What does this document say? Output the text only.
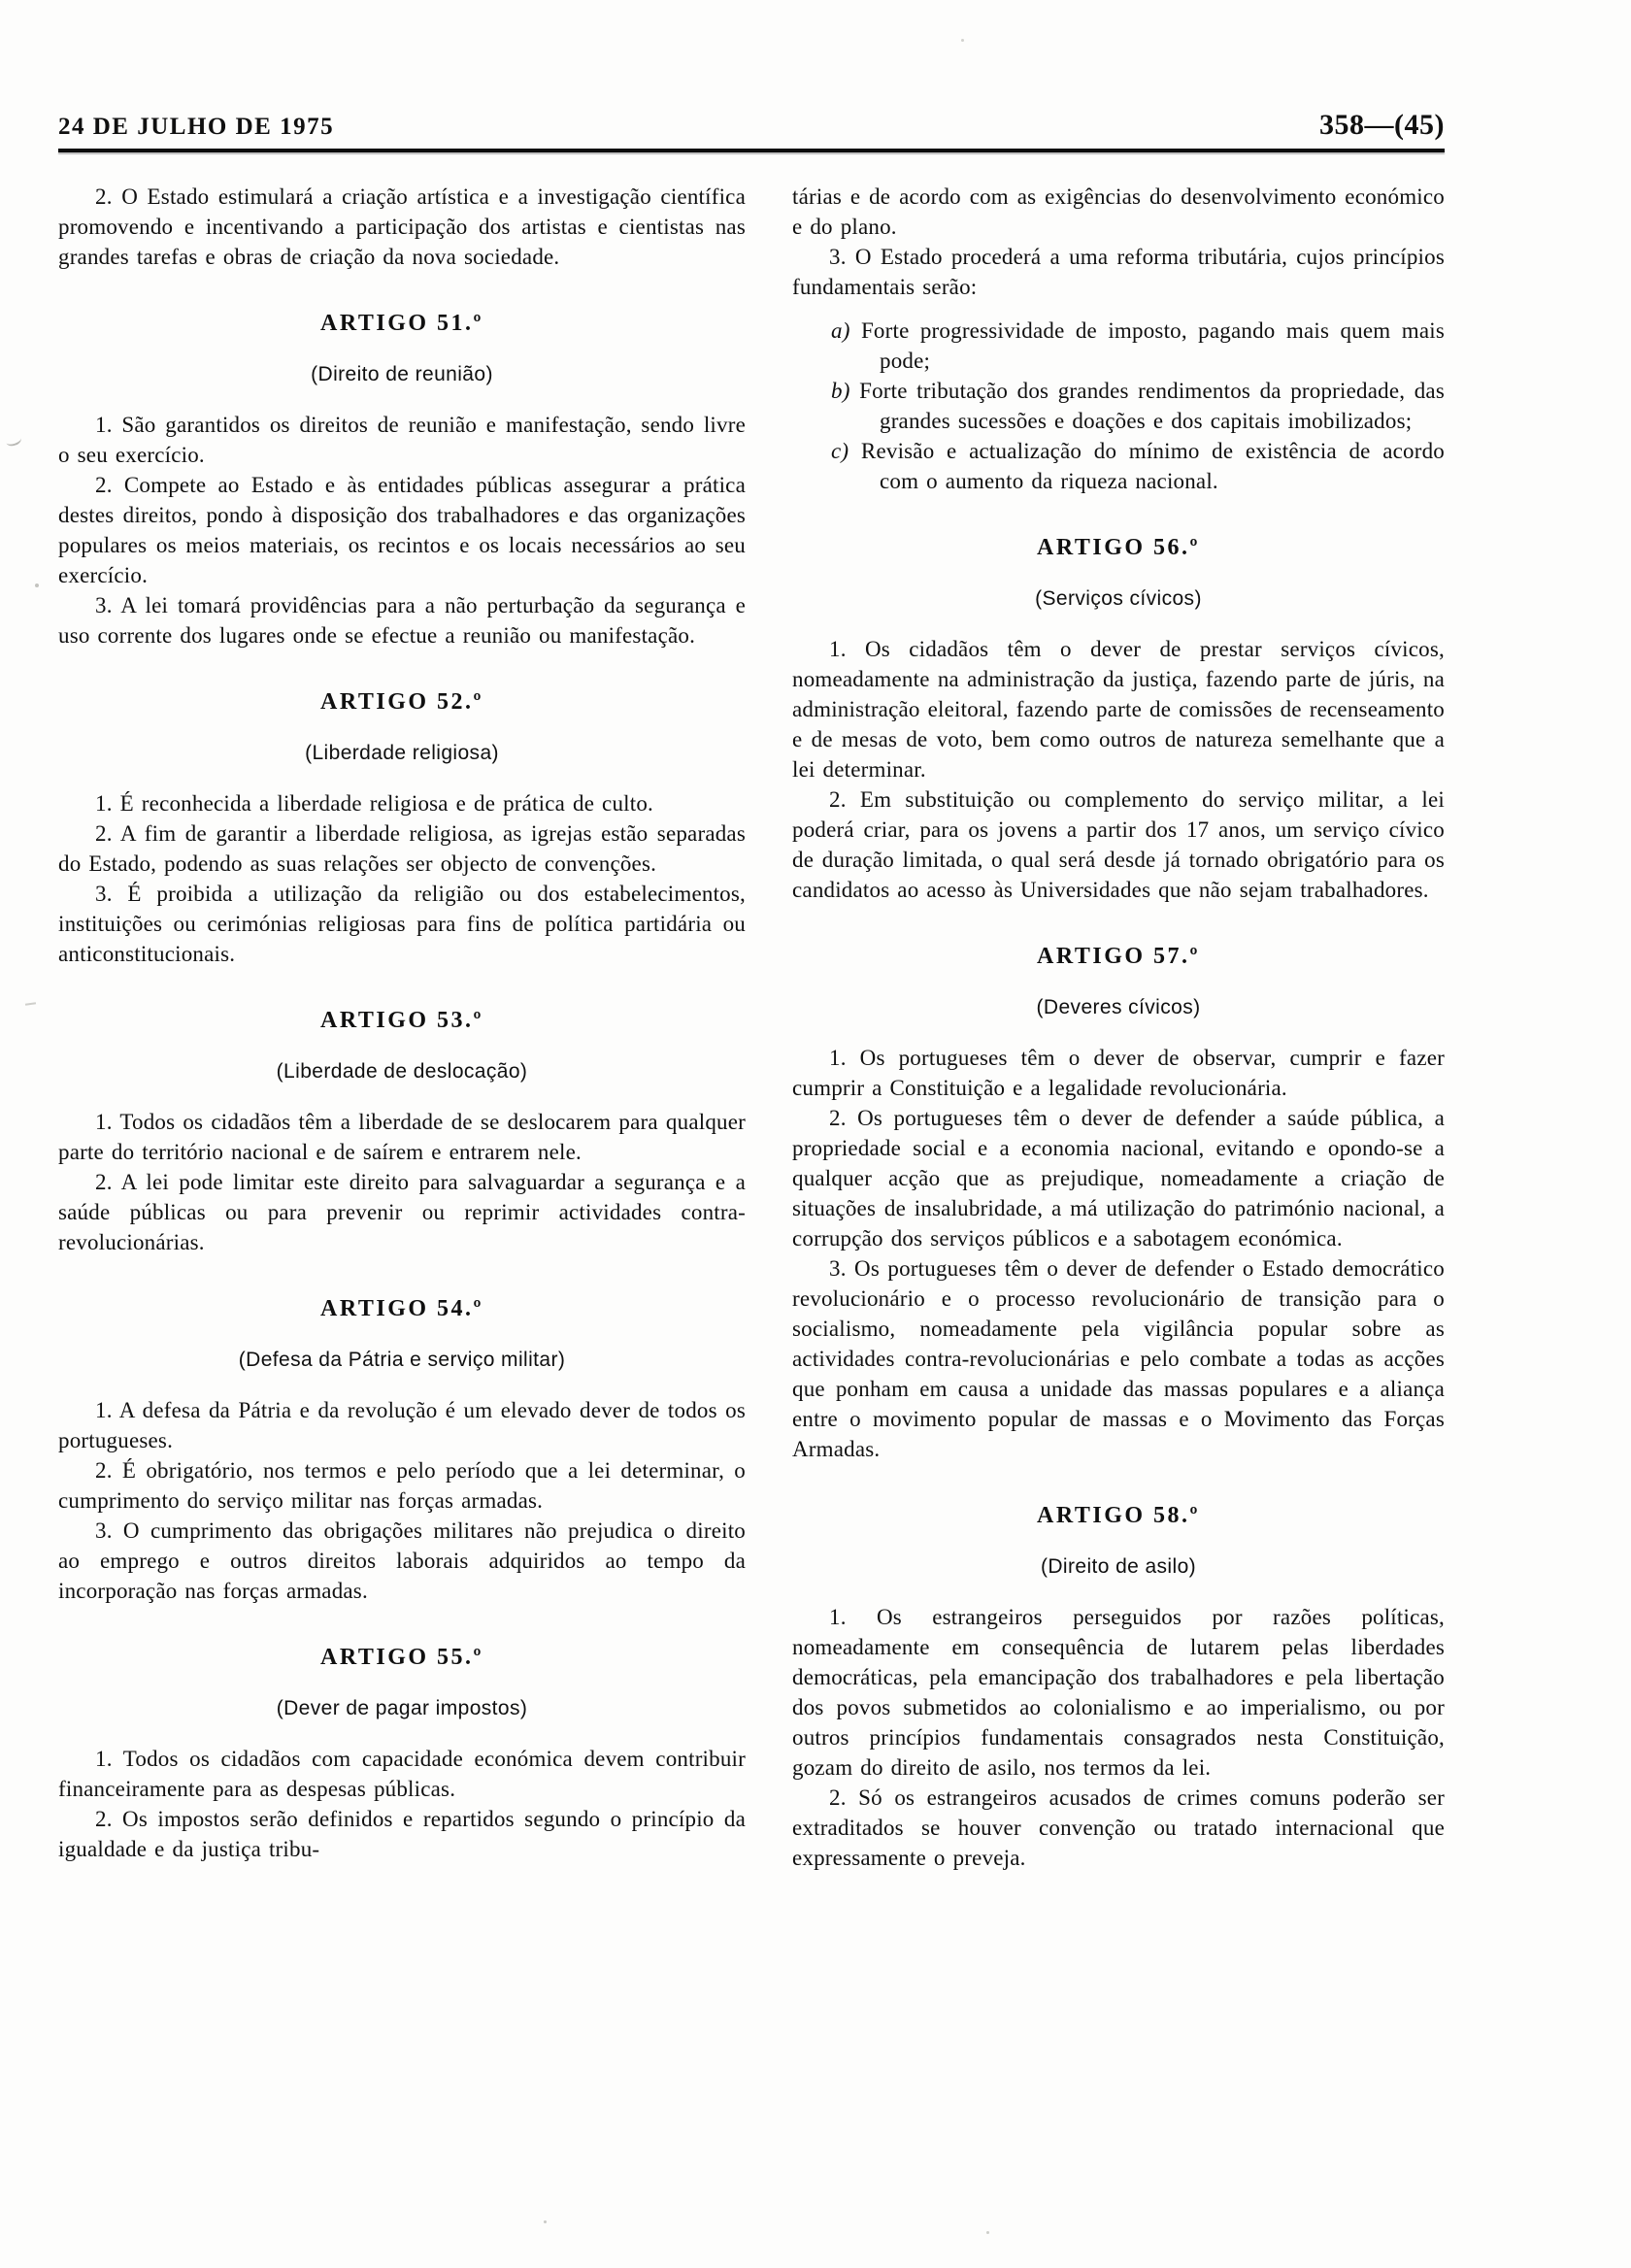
24 DE JULHO DE 1975	358—(45)

2. O Estado estimulará a criação artística e a investigação científica promovendo e incentivando a participação dos artistas e cientistas nas grandes tarefas e obras de criação da nova sociedade.

ARTIGO 51.º
(Direito de reunião)

1. São garantidos os direitos de reunião e manifestação, sendo livre o seu exercício.

2. Compete ao Estado e às entidades públicas assegurar a prática destes direitos, pondo à disposição dos trabalhadores e das organizações populares os meios materiais, os recintos e os locais necessários ao seu exercício.

3. A lei tomará providências para a não perturbação da segurança e uso corrente dos lugares onde se efectue a reunião ou manifestação.

ARTIGO 52.º
(Liberdade religiosa)

1. É reconhecida a liberdade religiosa e de prática de culto.

2. A fim de garantir a liberdade religiosa, as igrejas estão separadas do Estado, podendo as suas relações ser objecto de convenções.

3. É proibida a utilização da religião ou dos estabelecimentos, instituições ou cerimónias religiosas para fins de política partidária ou anticonstitucionais.

ARTIGO 53.º
(Liberdade de deslocação)

1. Todos os cidadãos têm a liberdade de se deslocarem para qualquer parte do território nacional e de saírem e entrarem nele.

2. A lei pode limitar este direito para salvaguardar a segurança e a saúde públicas ou para prevenir ou reprimir actividades contra-revolucionárias.

ARTIGO 54.º
(Defesa da Pátria e serviço militar)

1. A defesa da Pátria e da revolução é um elevado dever de todos os portugueses.

2. É obrigatório, nos termos e pelo período que a lei determinar, o cumprimento do serviço militar nas forças armadas.

3. O cumprimento das obrigações militares não prejudica o direito ao emprego e outros direitos laborais adquiridos ao tempo da incorporação nas forças armadas.

ARTIGO 55.º
(Dever de pagar impostos)

1. Todos os cidadãos com capacidade económica devem contribuir financeiramente para as despesas públicas.

2. Os impostos serão definidos e repartidos segundo o princípio da igualdade e da justiça tribu-

tárias e de acordo com as exigências do desenvolvimento económico e do plano.

3. O Estado procederá a uma reforma tributária, cujos princípios fundamentais serão:

a) Forte progressividade de imposto, pagando mais quem mais pode;

b) Forte tributação dos grandes rendimentos da propriedade, das grandes sucessões e doações e dos capitais imobilizados;

c) Revisão e actualização do mínimo de existência de acordo com o aumento da riqueza nacional.

ARTIGO 56.º
(Serviços cívicos)

1. Os cidadãos têm o dever de prestar serviços cívicos, nomeadamente na administração da justiça, fazendo parte de júris, na administração eleitoral, fazendo parte de comissões de recenseamento e de mesas de voto, bem como outros de natureza semelhante que a lei determinar.

2. Em substituição ou complemento do serviço militar, a lei poderá criar, para os jovens a partir dos 17 anos, um serviço cívico de duração limitada, o qual será desde já tornado obrigatório para os candidatos ao acesso às Universidades que não sejam trabalhadores.

ARTIGO 57.º
(Deveres cívicos)

1. Os portugueses têm o dever de observar, cumprir e fazer cumprir a Constituição e a legalidade revolucionária.

2. Os portugueses têm o dever de defender a saúde pública, a propriedade social e a economia nacional, evitando e opondo-se a qualquer acção que as prejudique, nomeadamente a criação de situações de insalubridade, a má utilização do património nacional, a corrupção dos serviços públicos e a sabotagem económica.

3. Os portugueses têm o dever de defender o Estado democrático revolucionário e o processo revolucionário de transição para o socialismo, nomeadamente pela vigilância popular sobre as actividades contra-revolucionárias e pelo combate a todas as acções que ponham em causa a unidade das massas populares e a aliança entre o movimento popular de massas e o Movimento das Forças Armadas.

ARTIGO 58.º
(Direito de asilo)

1. Os estrangeiros perseguidos por razões políticas, nomeadamente em consequência de lutarem pelas liberdades democráticas, pela emancipação dos trabalhadores e pela libertação dos povos submetidos ao colonialismo e ao imperialismo, ou por outros princípios fundamentais consagrados nesta Constituição, gozam do direito de asilo, nos termos da lei.

2. Só os estrangeiros acusados de crimes comuns poderão ser extraditados se houver convenção ou tratado internacional que expressamente o preveja.
